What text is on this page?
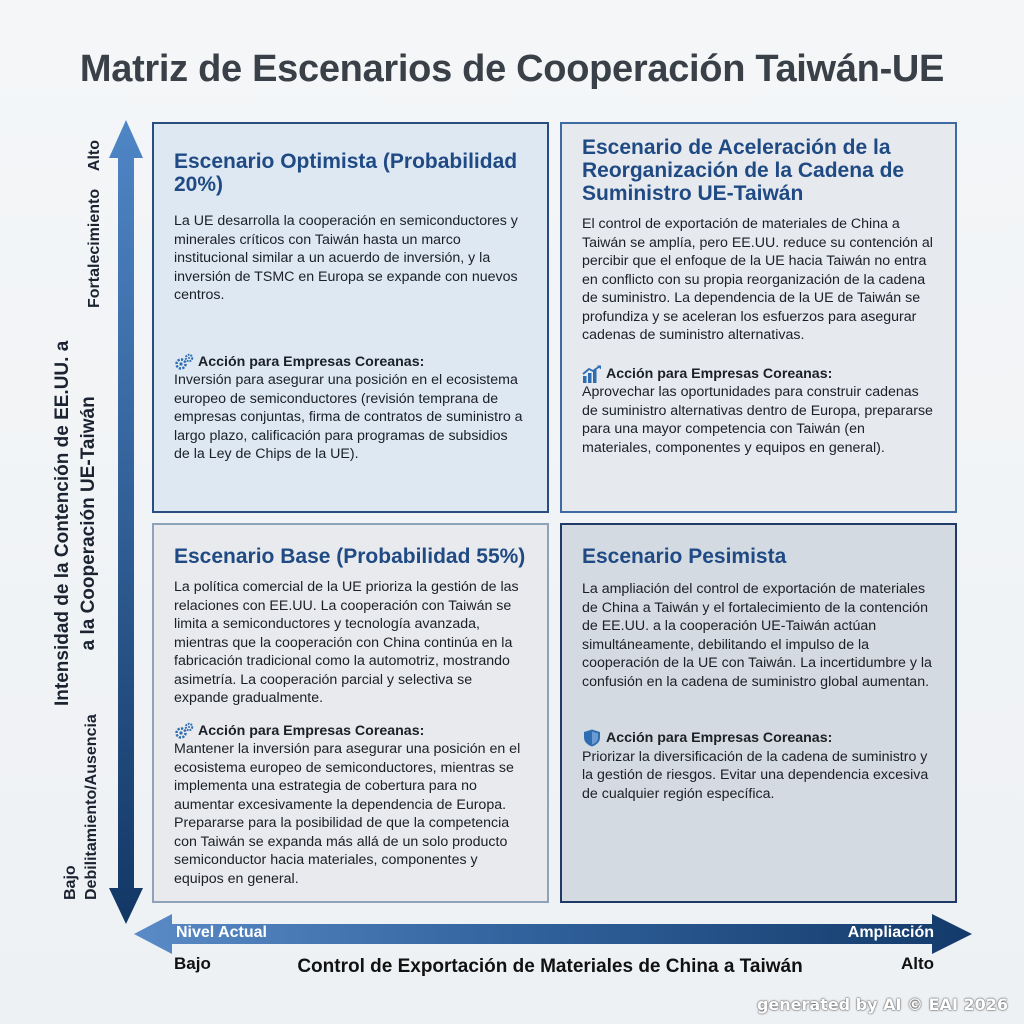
Matriz de Escenarios de Cooperación Taiwán-UE
Intensidad de la Contención de EE.UU. a a la Cooperación UE-Taiwán
Fortalecimiento    Alto
Bajo Debilitamiento/Ausencia
Escenario Optimista (Probabilidad 20%)
La UE desarrolla la cooperación en semiconductores y minerales críticos con Taiwán hasta un marco institucional similar a un acuerdo de inversión, y la inversión de TSMC en Europa se expande con nuevos centros.
Acción para Empresas Coreanas:
Inversión para asegurar una posición en el ecosistema europeo de semiconductores (revisión temprana de empresas conjuntas, firma de contratos de suministro a largo plazo, calificación para programas de subsidios de la Ley de Chips de la UE).
Escenario de Aceleración de la Reorganización de la Cadena de Suministro UE-Taiwán
El control de exportación de materiales de China a Taiwán se amplía, pero EE.UU. reduce su contención al percibir que el enfoque de la UE hacia Taiwán no entra en conflicto con su propia reorganización de la cadena de suministro. La dependencia de la UE de Taiwán se profundiza y se aceleran los esfuerzos para asegurar cadenas de suministro alternativas.
Acción para Empresas Coreanas:
Aprovechar las oportunidades para construir cadenas de suministro alternativas dentro de Europa, prepararse para una mayor competencia con Taiwán (en materiales, componentes y equipos en general).
Escenario Base (Probabilidad 55%)
La política comercial de la UE prioriza la gestión de las relaciones con EE.UU. La cooperación con Taiwán se limita a semiconductores y tecnología avanzada, mientras que la cooperación con China continúa en la fabricación tradicional como la automotriz, mostrando asimetría. La cooperación parcial y selectiva se expande gradualmente.
Acción para Empresas Coreanas:
Mantener la inversión para asegurar una posición en el ecosistema europeo de semiconductores, mientras se implementa una estrategia de cobertura para no aumentar excesivamente la dependencia de Europa. Prepararse para la posibilidad de que la competencia con Taiwán se expanda más allá de un solo producto semiconductor hacia materiales, componentes y equipos en general.
Escenario Pesimista
La ampliación del control de exportación de materiales de China a Taiwán y el fortalecimiento de la contención de EE.UU. a la cooperación UE-Taiwán actúan simultáneamente, debilitando el impulso de la cooperación de la UE con Taiwán. La incertidumbre y la confusión en la cadena de suministro global aumentan.
Acción para Empresas Coreanas:
Priorizar la diversificación de la cadena de suministro y la gestión de riesgos. Evitar una dependencia excesiva de cualquier región específica.
Nivel Actual	Ampliación
Bajo	Control de Exportación de Materiales de China a Taiwán	Alto
generated by AI © EAI 2026
